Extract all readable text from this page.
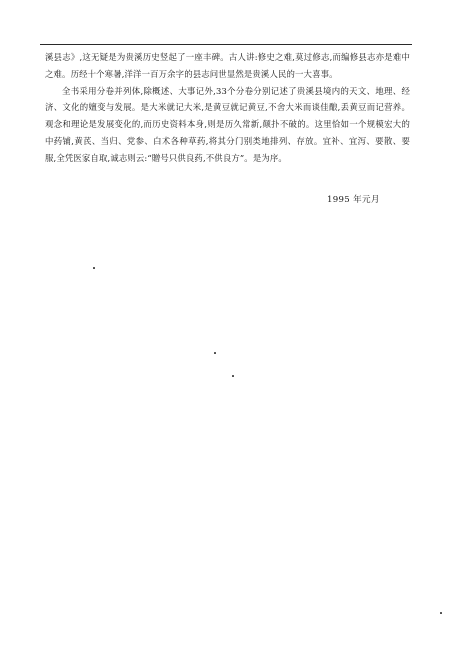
溪县志》,这无疑是为贵溪历史竖起了一座丰碑。古人讲:修史之难,莫过修志,而编修县志亦是难中之难。历经十个寒暑,洋洋一百万余字的县志问世显然是贵溪人民的一大喜事。

全书采用分卷并列体,除概述、大事记外,33个分卷分别记述了贵溪县境内的天文、地理、经济、文化的嬗变与发展。是大米就记大米,是黄豆就记黄豆,不舍大米而谈佳酿,丢黄豆而记营养。观念和理论是发展变化的,而历史资料本身,则是历久常新,颠扑不破的。这里恰如一个规模宏大的中药铺,黄芪、当归、党参、白术各种草药,将其分门别类地排列、存放。宜补、宜泻、要散、要服,全凭医家自取,诚志则云:“贈号只供良药,不供良方”。是为序。

1995 年元月
